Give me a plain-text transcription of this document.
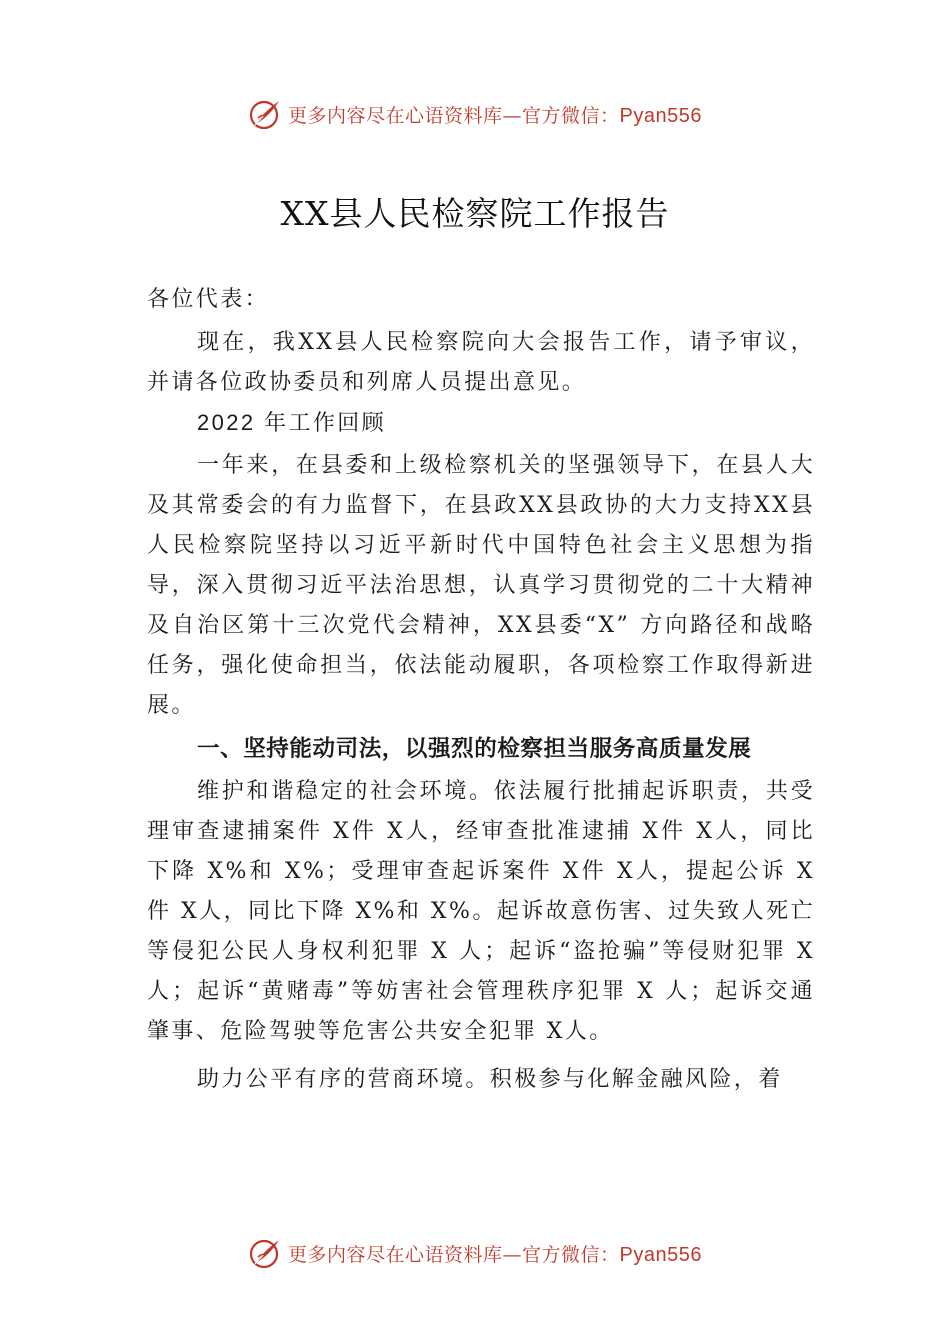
更多内容尽在心语资料库—官方微信：Pyan556
XX县人民检察院工作报告

各位代表：

现在，我XX县人民检察院向大会报告工作，请予审议，并请各位政协委员和列席人员提出意见。

2022 年工作回顾

一年来，在县委和上级检察机关的坚强领导下，在县人大及其常委会的有力监督下，在县政XX县政协的大力支持XX县人民检察院坚持以习近平新时代中国特色社会主义思想为指导，深入贯彻习近平法治思想，认真学习贯彻党的二十大精神及自治区第十三次党代会精神，XX县委“X” 方向路径和战略任务，强化使命担当，依法能动履职，各项检察工作取得新进展。

一、坚持能动司法，以强烈的检察担当服务高质量发展

维护和谐稳定的社会环境。依法履行批捕起诉职责，共受理审查逮捕案件 X件 X人，经审查批准逮捕 X件 X人，同比下降 X%和 X%；受理审查起诉案件 X件 X人，提起公诉 X件 X人，同比下降 X%和 X%。起诉故意伤害、过失致人死亡等侵犯公民人身权利犯罪 X 人；起诉“盗抢骗”等侵财犯罪 X人；起诉“黄赌毒”等妨害社会管理秩序犯罪 X 人；起诉交通肇事、危险驾驶等危害公共安全犯罪 X人。

助力公平有序的营商环境。积极参与化解金融风险，着

更多内容尽在心语资料库—官方微信：Pyan556
